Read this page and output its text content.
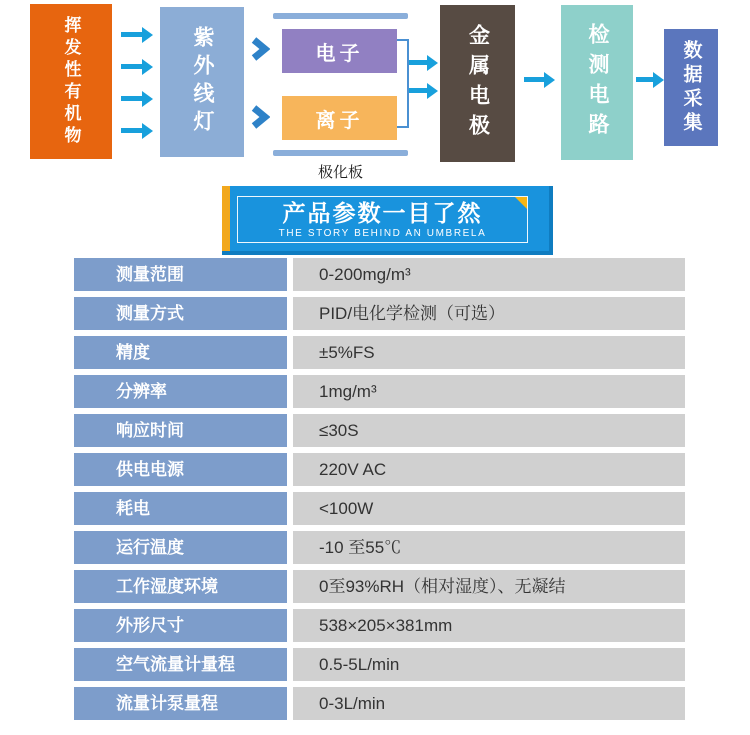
挥发性有机物	紫外线灯	电子
离子
极化板
金属电极	检测电路	数据采集
产品参数一目了然
THE STORY BEHIND AN UMBRELA
测量范围	0-200mg/m³
测量方式	PID/电化学检测（可选）
精度	±5%FS
分辨率	1mg/m³
响应时间	≤30S
供电电源	220V AC
耗电	<100W
运行温度	-10 至55℃
工作湿度环境	0至93%RH（相对湿度）、无凝结
外形尺寸	538×205×381mm
空气流量计量程	0.5-5L/min
流量计泵量程	0-3L/min
